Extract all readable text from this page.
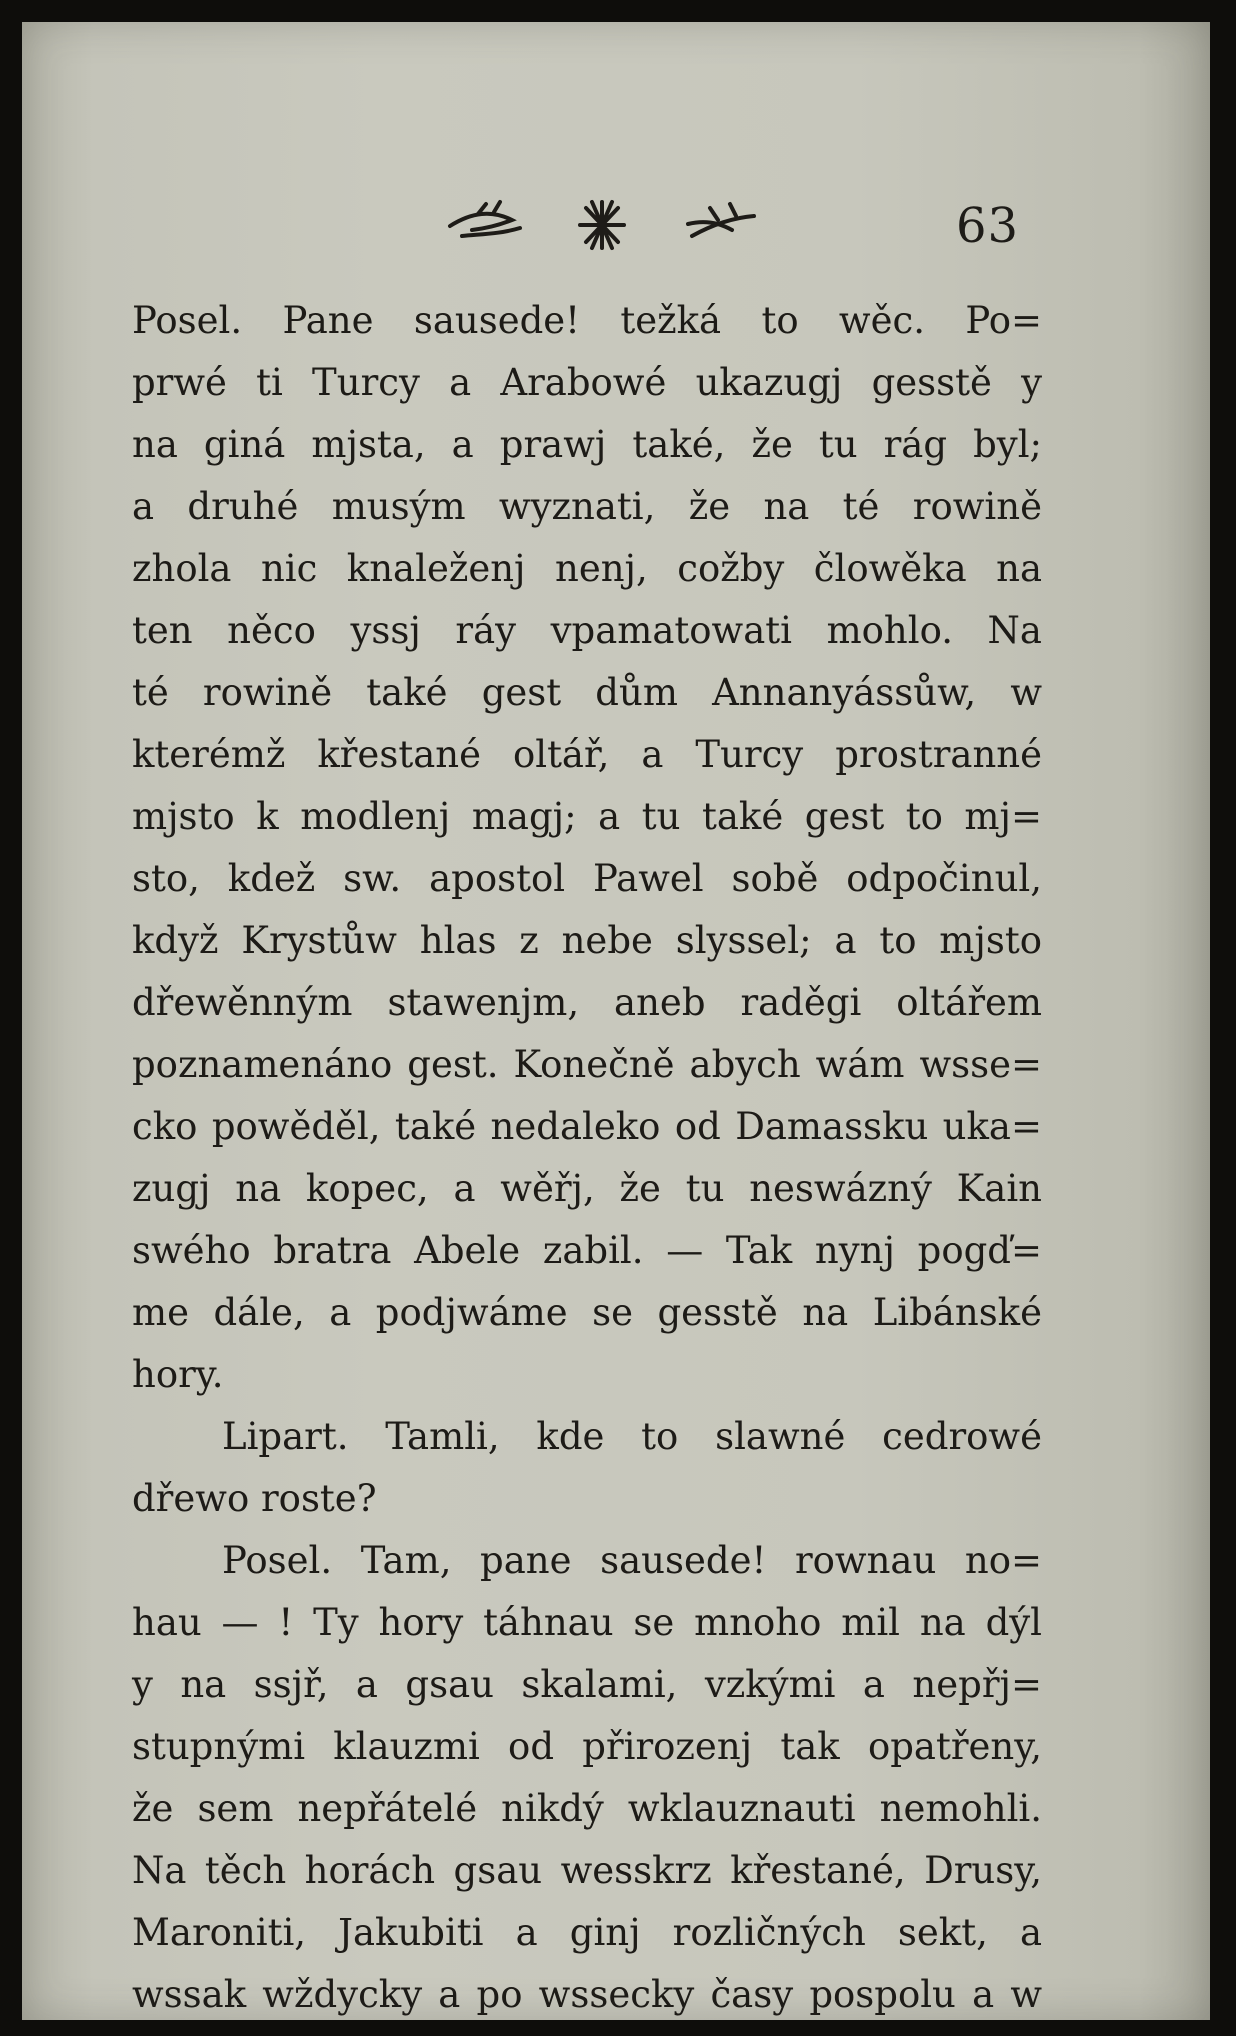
63
Posel. Pane sausede! težká to wěc. Po=
prwé ti Turcy a Arabowé ukazugj gesstě y
na giná mjsta, a prawj také, že tu rág byl;
a druhé musým wyznati, že na té rowině
zhola nic knaleženj nenj, cožby člowěka na
ten něco yssj ráy vpamatowati mohlo. Na
té rowině také gest dům Annanyássůw, w
kterémž křestané oltář, a Turcy prostranné
mjsto k modlenj magj; a tu také gest to mj=
sto, kdež sw. apostol Pawel sobě odpočinul,
když Krystůw hlas z nebe slyssel; a to mjsto
dřewěnným stawenjm, aneb raděgi oltářem
poznamenáno gest. Konečně abych wám wsse=
cko powěděl, také nedaleko od Damassku uka=
zugj na kopec, a wěřj, že tu neswázný Kain
swého bratra Abele zabil. — Tak nynj pogď=
me dále, a podjwáme se gesstě na Libánské
hory.
Lipart. Tamli, kde to slawné cedrowé
dřewo roste?
Posel. Tam, pane sausede! rownau no=
hau — ! Ty hory táhnau se mnoho mil na dýl
y na ssjř, a gsau skalami, vzkými a nepřj=
stupnými klauzmi od přirozenj tak opatřeny,
že sem nepřátelé nikdý wklauznauti nemohli.
Na těch horách gsau wesskrz křestané, Drusy,
Maroniti, Jakubiti a ginj rozličných sekt, a
wssak wždycky a po wssecky časy pospolu a w
